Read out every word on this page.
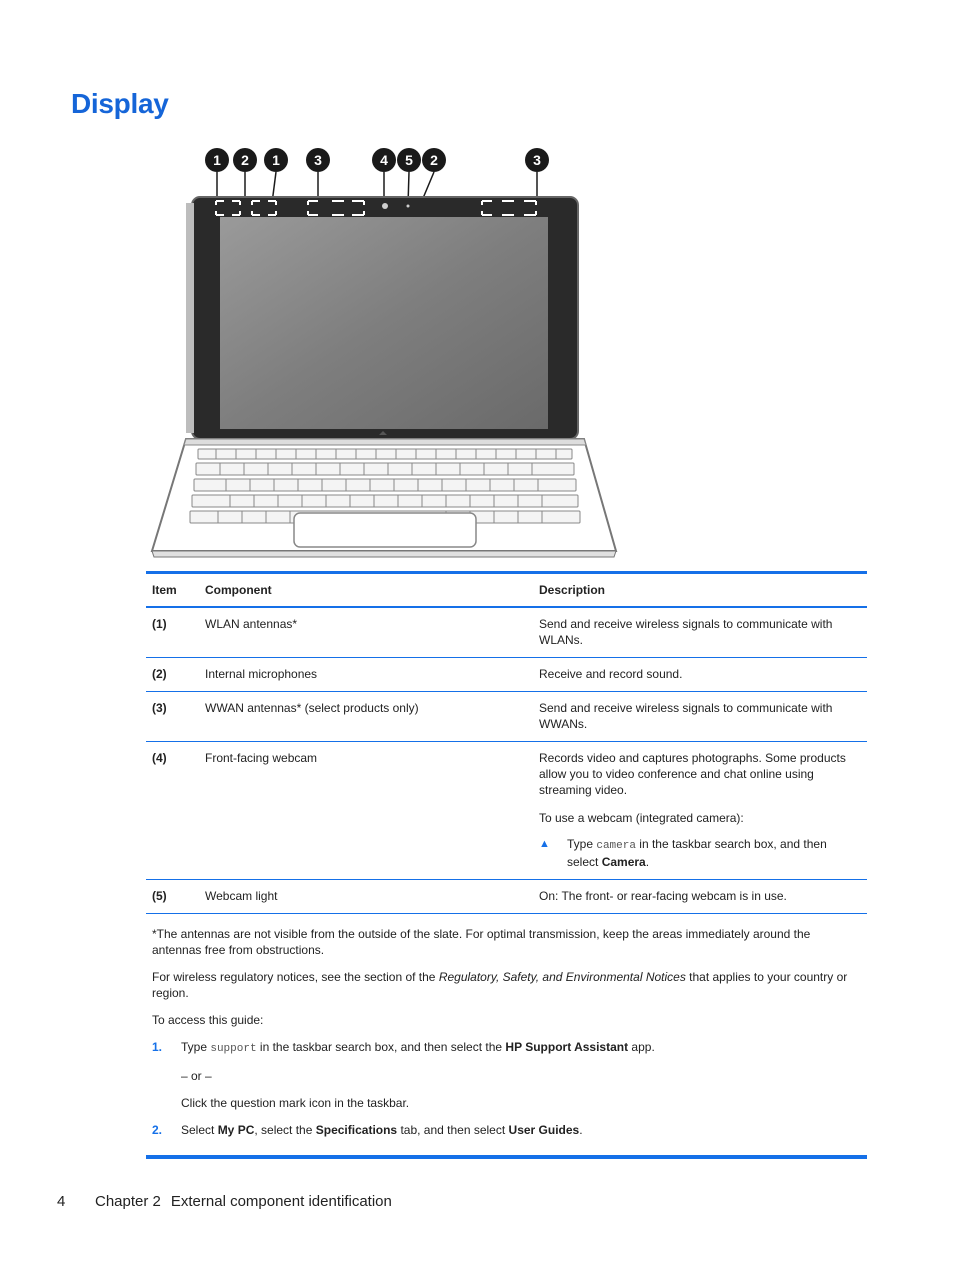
Display
1 2 1 3	4 5 2	3
Item	Component	Description
(1)	WLAN antennas*	Send and receive wireless signals to communicate with WLANs.
(2)	Internal microphones	Receive and record sound.
(3)	WWAN antennas* (select products only)	Send and receive wireless signals to communicate with WWANs.
(4)	Front-facing webcam	Records video and captures photographs. Some products allow you to video conference and chat online using streaming video.

To use a webcam (integrated camera):

▲ Type camera in the taskbar search box, and then select Camera.

(5)	Webcam light	On: The front- or rear-facing webcam is in use.

*The antennas are not visible from the outside of the slate. For optimal transmission, keep the areas immediately around the antennas free from obstructions.

For wireless regulatory notices, see the section of the Regulatory, Safety, and Environmental Notices that applies to your country or region.

To access this guide:

1.	Type support in the taskbar search box, and then select the HP Support Assistant app.

– or –

Click the question mark icon in the taskbar.

2.	Select My PC, select the Specifications tab, and then select User Guides.
4 Chapter 2 External component identification
